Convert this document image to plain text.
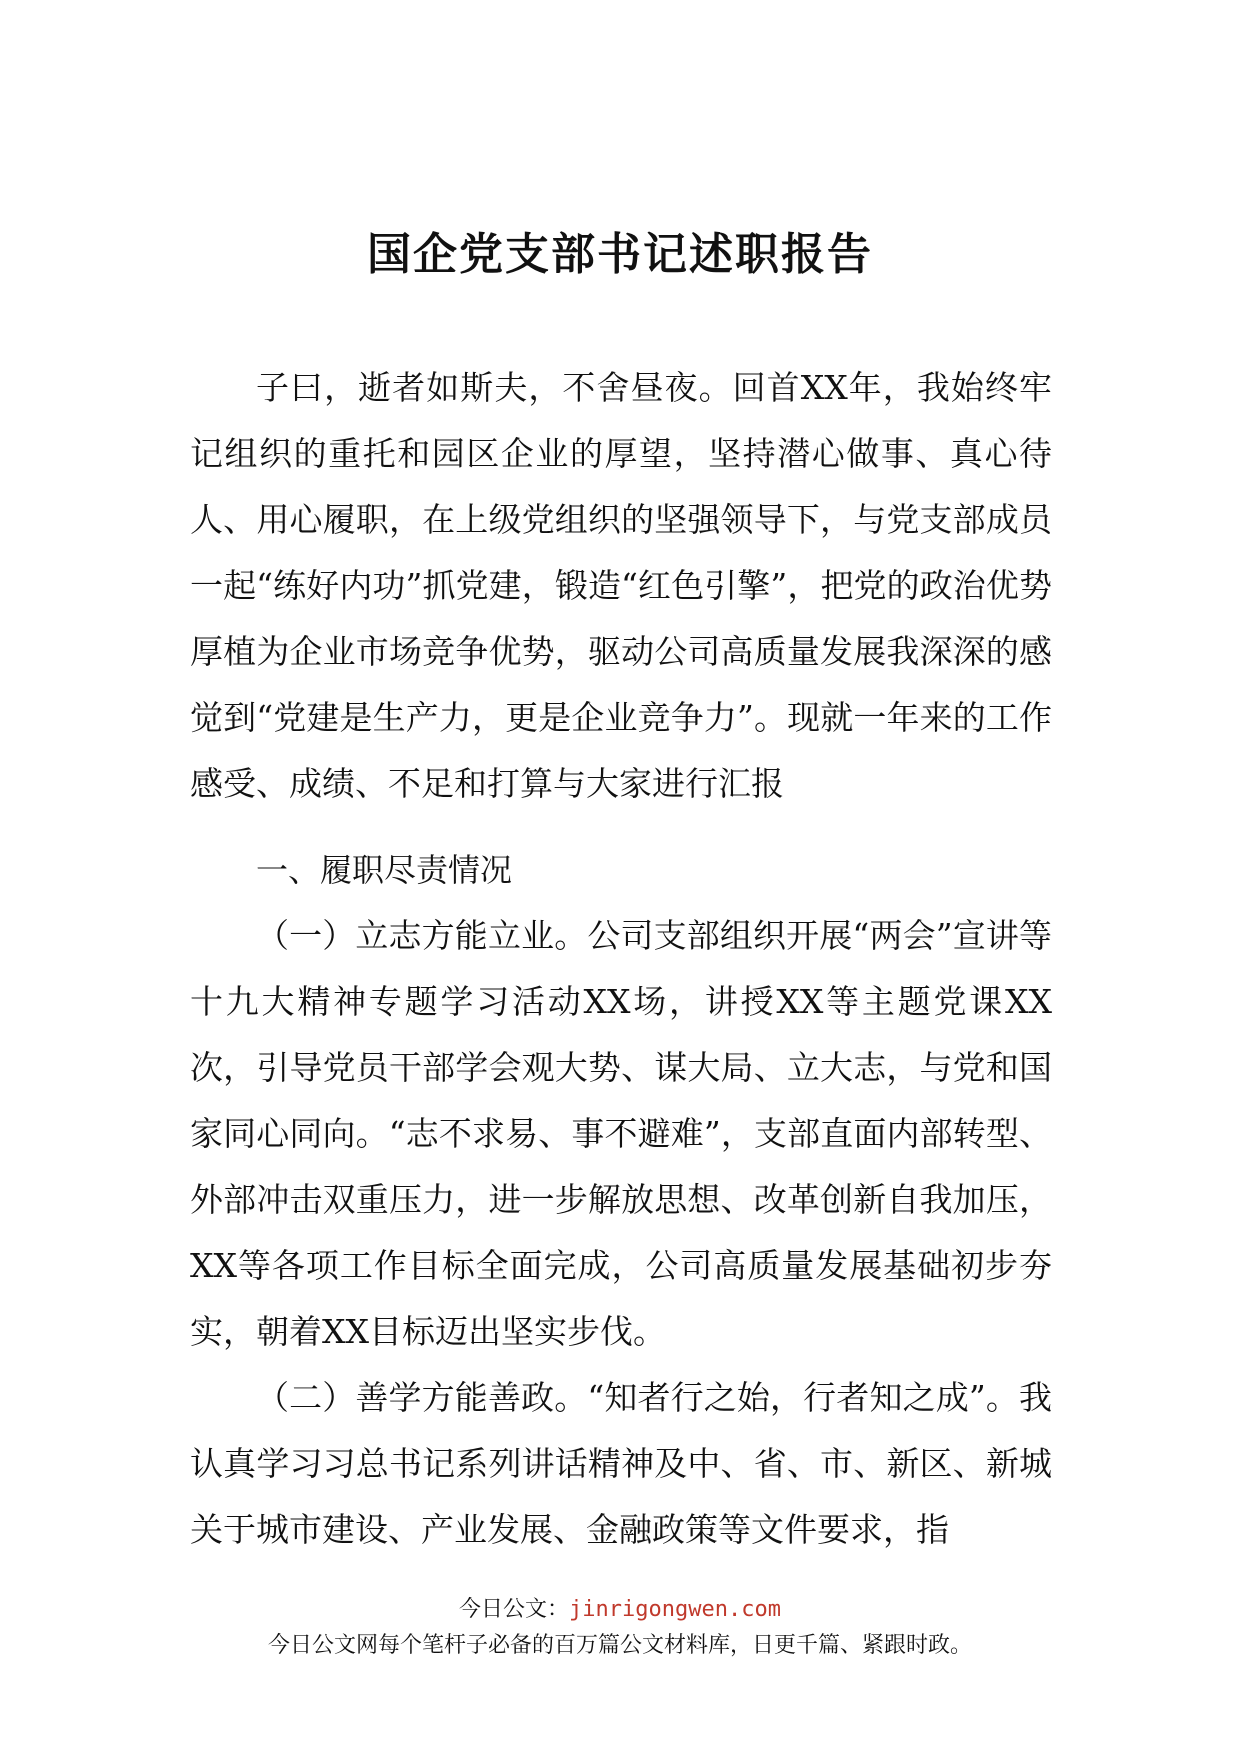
国企党支部书记述职报告

子曰，逝者如斯夫，不舍昼夜。回首XX年，我始终牢记组织的重托和园区企业的厚望，坚持潜心做事、真心待人、用心履职，在上级党组织的坚强领导下，与党支部成员一起“练好内功”抓党建，锻造“红色引擎”，把党的政治优势厚植为企业市场竞争优势，驱动公司高质量发展我深深的感觉到“党建是生产力，更是企业竞争力”。现就一年来的工作感受、成绩、不足和打算与大家进行汇报

一、履职尽责情况

（一）立志方能立业。公司支部组织开展“两会”宣讲等十九大精神专题学习活动XX场，讲授XX等主题党课XX次，引导党员干部学会观大势、谋大局、立大志，与党和国家同心同向。“志不求易、事不避难”，支部直面内部转型、外部冲击双重压力，进一步解放思想、改革创新自我加压，XX等各项工作目标全面完成，公司高质量发展基础初步夯实，朝着XX目标迈出坚实步伐。

（二）善学方能善政。“知者行之始，行者知之成”。我认真学习习总书记系列讲话精神及中、省、市、新区、新城关于城市建设、产业发展、金融政策等文件要求，指

今日公文：jinrigongwen.com
今日公文网每个笔杆子必备的百万篇公文材料库，日更千篇、紧跟时政。
